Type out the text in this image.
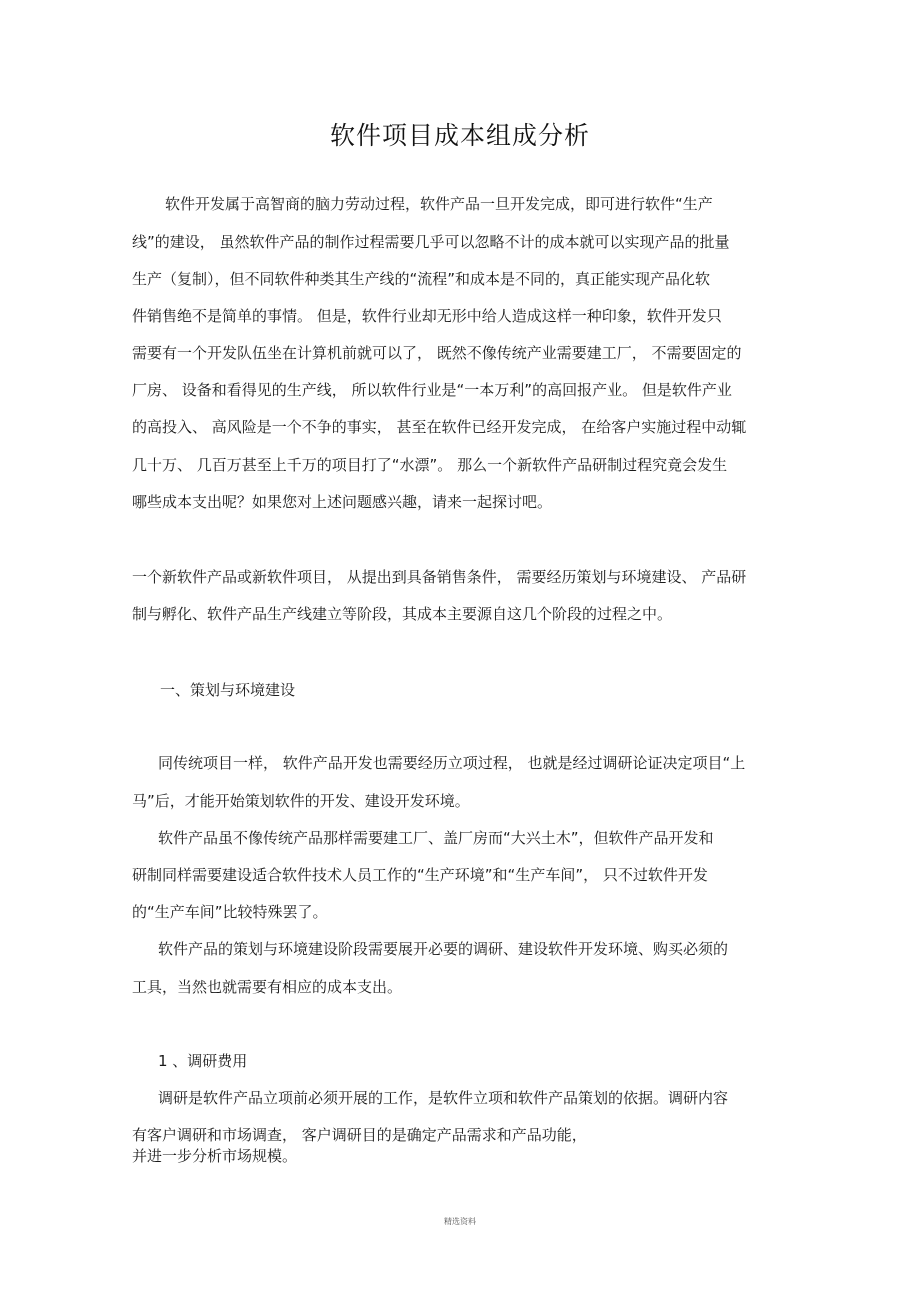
软件项目成本组成分析
软件开发属于高智商的脑力劳动过程，软件产品一旦开发完成，即可进行软件“生产
线”的建设， 虽然软件产品的制作过程需要几乎可以忽略不计的成本就可以实现产品的批量
生产（复制），但不同软件种类其生产线的“流程”和成本是不同的，真正能实现产品化软
件销售绝不是简单的事情。 但是，软件行业却无形中给人造成这样一种印象，软件开发只
需要有一个开发队伍坐在计算机前就可以了， 既然不像传统产业需要建工厂， 不需要固定的
厂房、 设备和看得见的生产线， 所以软件行业是“一本万利”的高回报产业。 但是软件产业
的高投入、 高风险是一个不争的事实， 甚至在软件已经开发完成， 在给客户实施过程中动辄
几十万、 几百万甚至上千万的项目打了“水漂”。 那么一个新软件产品研制过程究竟会发生
哪些成本支出呢？如果您对上述问题感兴趣，请来一起探讨吧。
一个新软件产品或新软件项目， 从提出到具备销售条件， 需要经历策划与环境建设、 产品研
制与孵化、软件产品生产线建立等阶段，其成本主要源自这几个阶段的过程之中。
一、策划与环境建设
同传统项目一样， 软件产品开发也需要经历立项过程， 也就是经过调研论证决定项目“上
马”后，才能开始策划软件的开发、建设开发环境。
软件产品虽不像传统产品那样需要建工厂、盖厂房而“大兴土木”，但软件产品开发和
研制同样需要建设适合软件技术人员工作的“生产环境”和“生产车间”， 只不过软件开发
的“生产车间”比较特殊罢了。
软件产品的策划与环境建设阶段需要展开必要的调研、建设软件开发环境、购买必须的
工具，当然也就需要有相应的成本支出。
1 、调研费用
调研是软件产品立项前必须开展的工作，是软件立项和软件产品策划的依据。调研内容
有客户调研和市场调查， 客户调研目的是确定产品需求和产品功能，
并进一步分析市场规模。
精选资料
